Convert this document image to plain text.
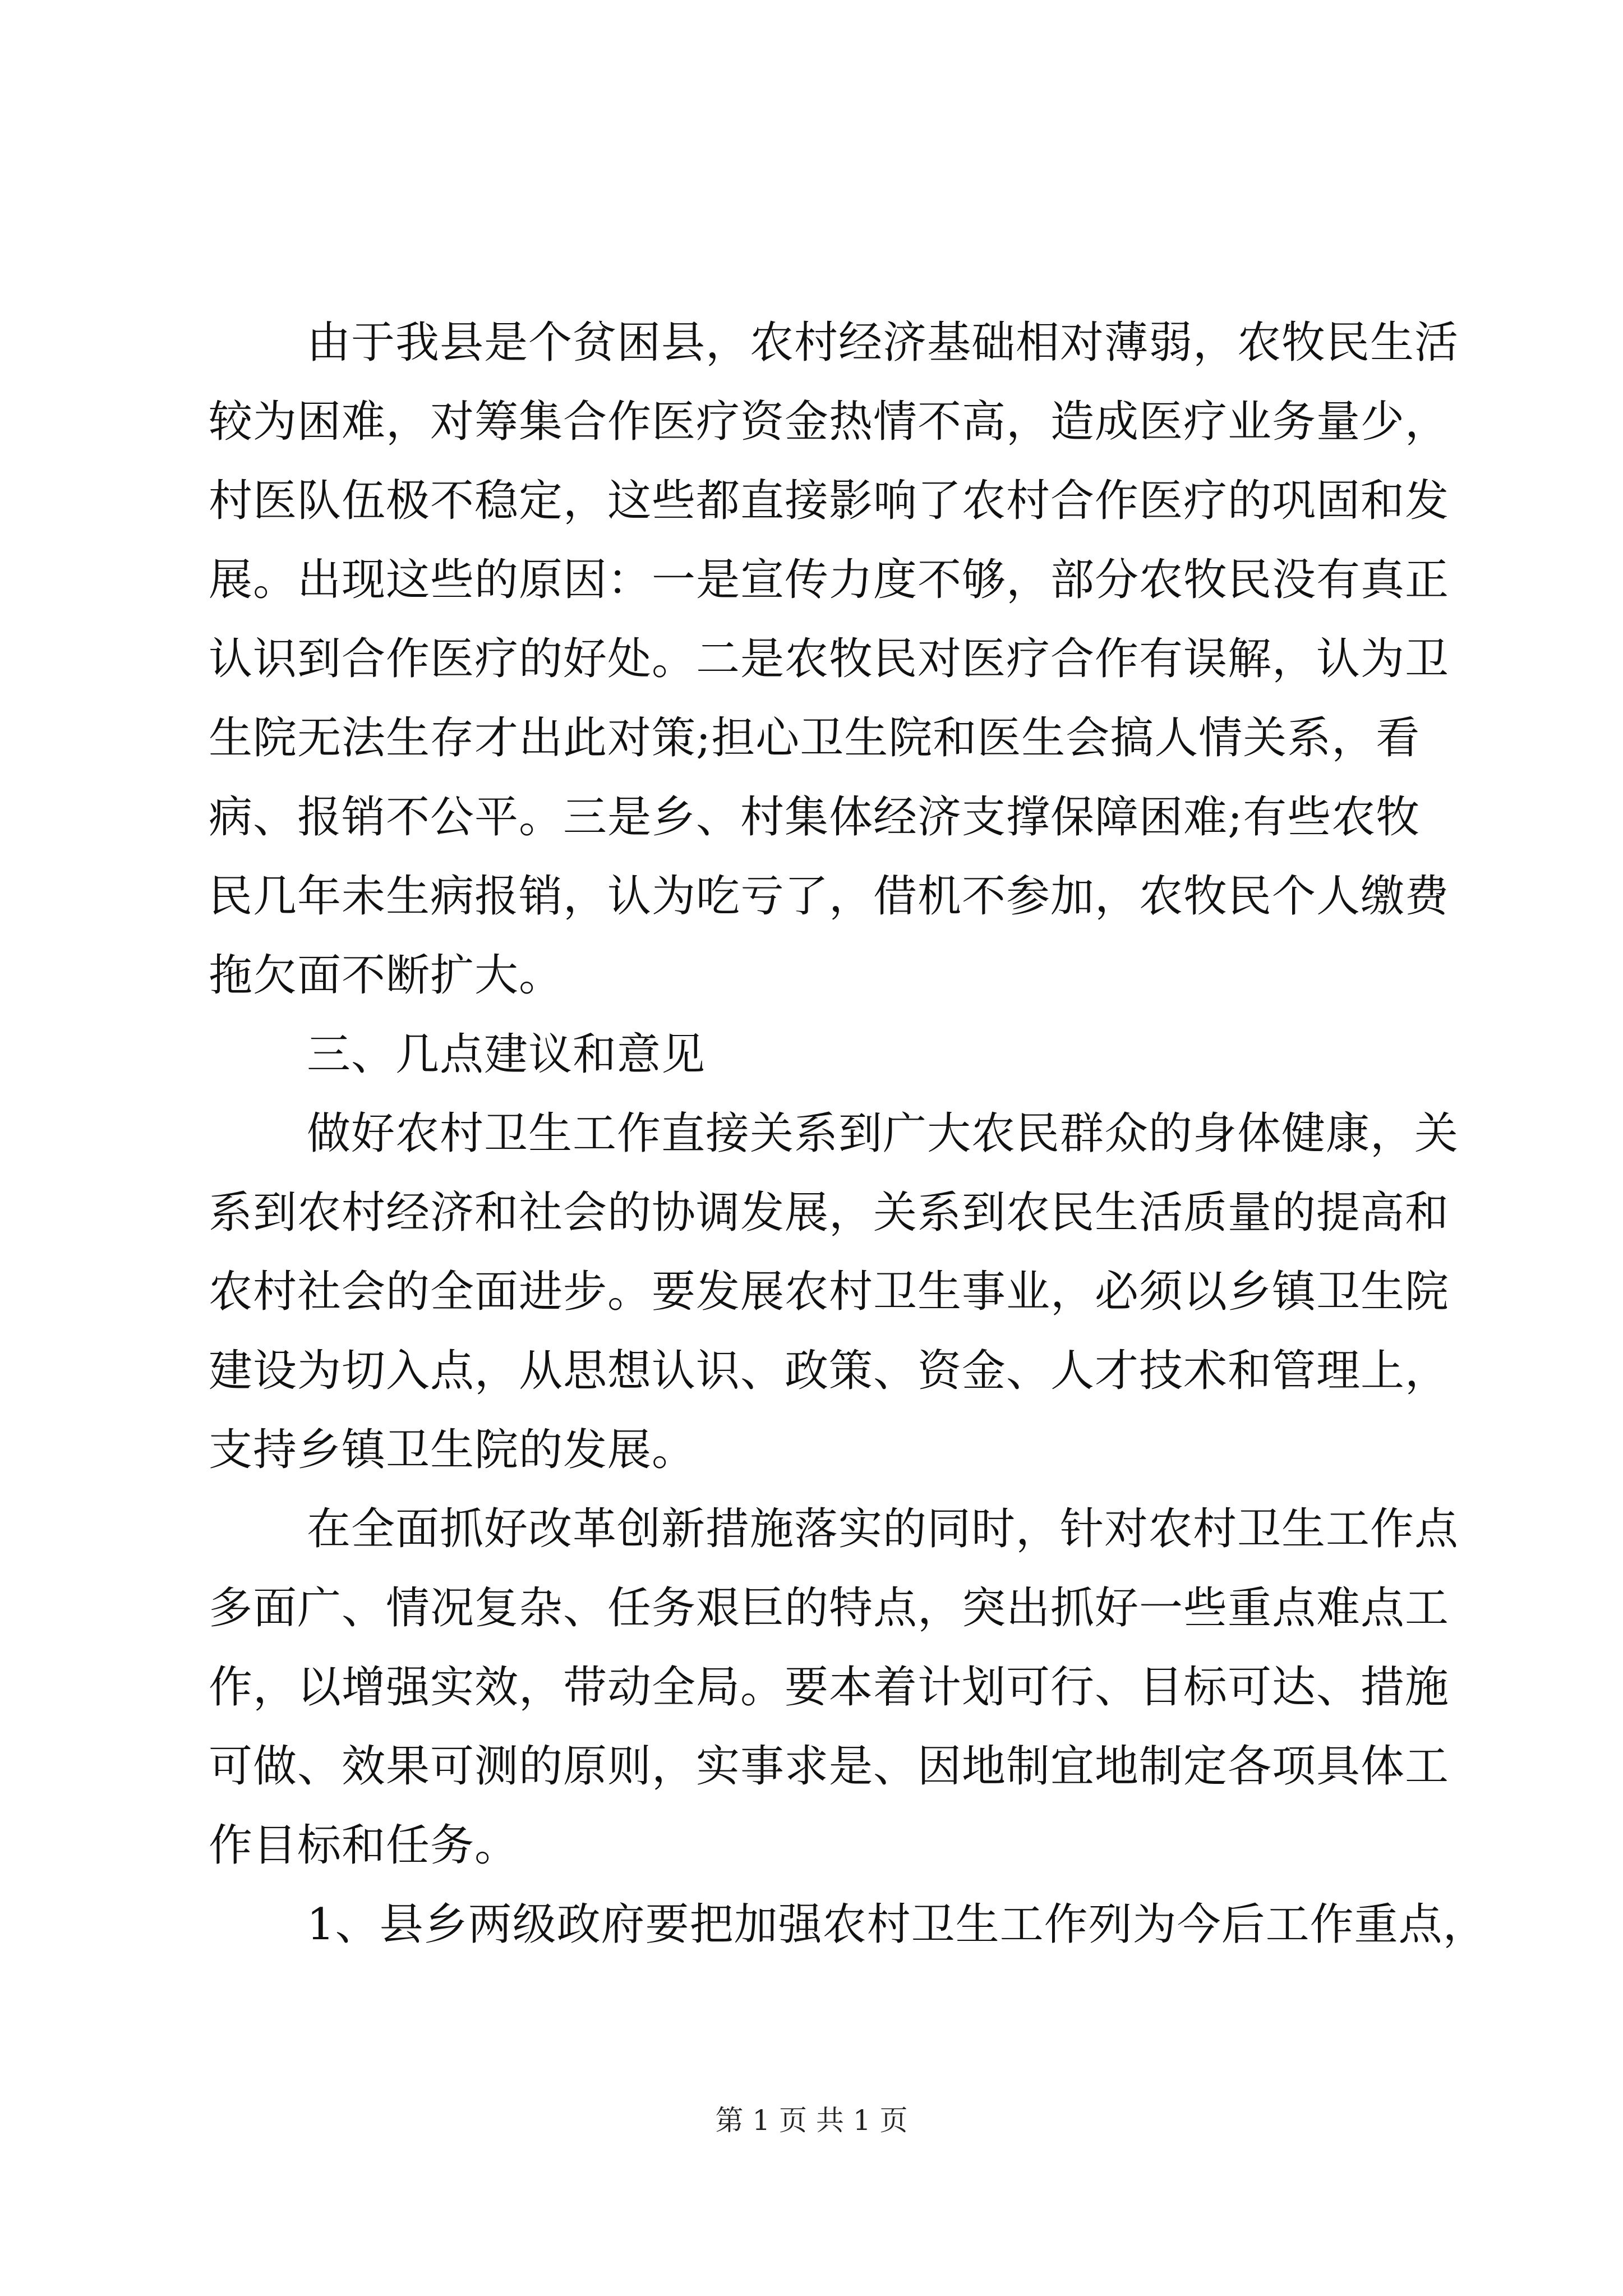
由于我县是个贫困县，农村经济基础相对薄弱，农牧民生活
较为困难，对筹集合作医疗资金热情不高，造成医疗业务量少，
村医队伍极不稳定，这些都直接影响了农村合作医疗的巩固和发
展。出现这些的原因：一是宣传力度不够，部分农牧民没有真正
认识到合作医疗的好处。二是农牧民对医疗合作有误解，认为卫
生院无法生存才出此对策;担心卫生院和医生会搞人情关系，看
病、报销不公平。三是乡、村集体经济支撑保障困难;有些农牧
民几年未生病报销，认为吃亏了，借机不参加，农牧民个人缴费
拖欠面不断扩大。
三、几点建议和意见
做好农村卫生工作直接关系到广大农民群众的身体健康，关
系到农村经济和社会的协调发展，关系到农民生活质量的提高和
农村社会的全面进步。要发展农村卫生事业，必须以乡镇卫生院
建设为切入点，从思想认识、政策、资金、人才技术和管理上，
支持乡镇卫生院的发展。
在全面抓好改革创新措施落实的同时，针对农村卫生工作点
多面广、情况复杂、任务艰巨的特点，突出抓好一些重点难点工
作，以增强实效，带动全局。要本着计划可行、目标可达、措施
可做、效果可测的原则，实事求是、因地制宜地制定各项具体工
作目标和任务。
1、县乡两级政府要把加强农村卫生工作列为今后工作重点，
第 1 页 共 1 页
